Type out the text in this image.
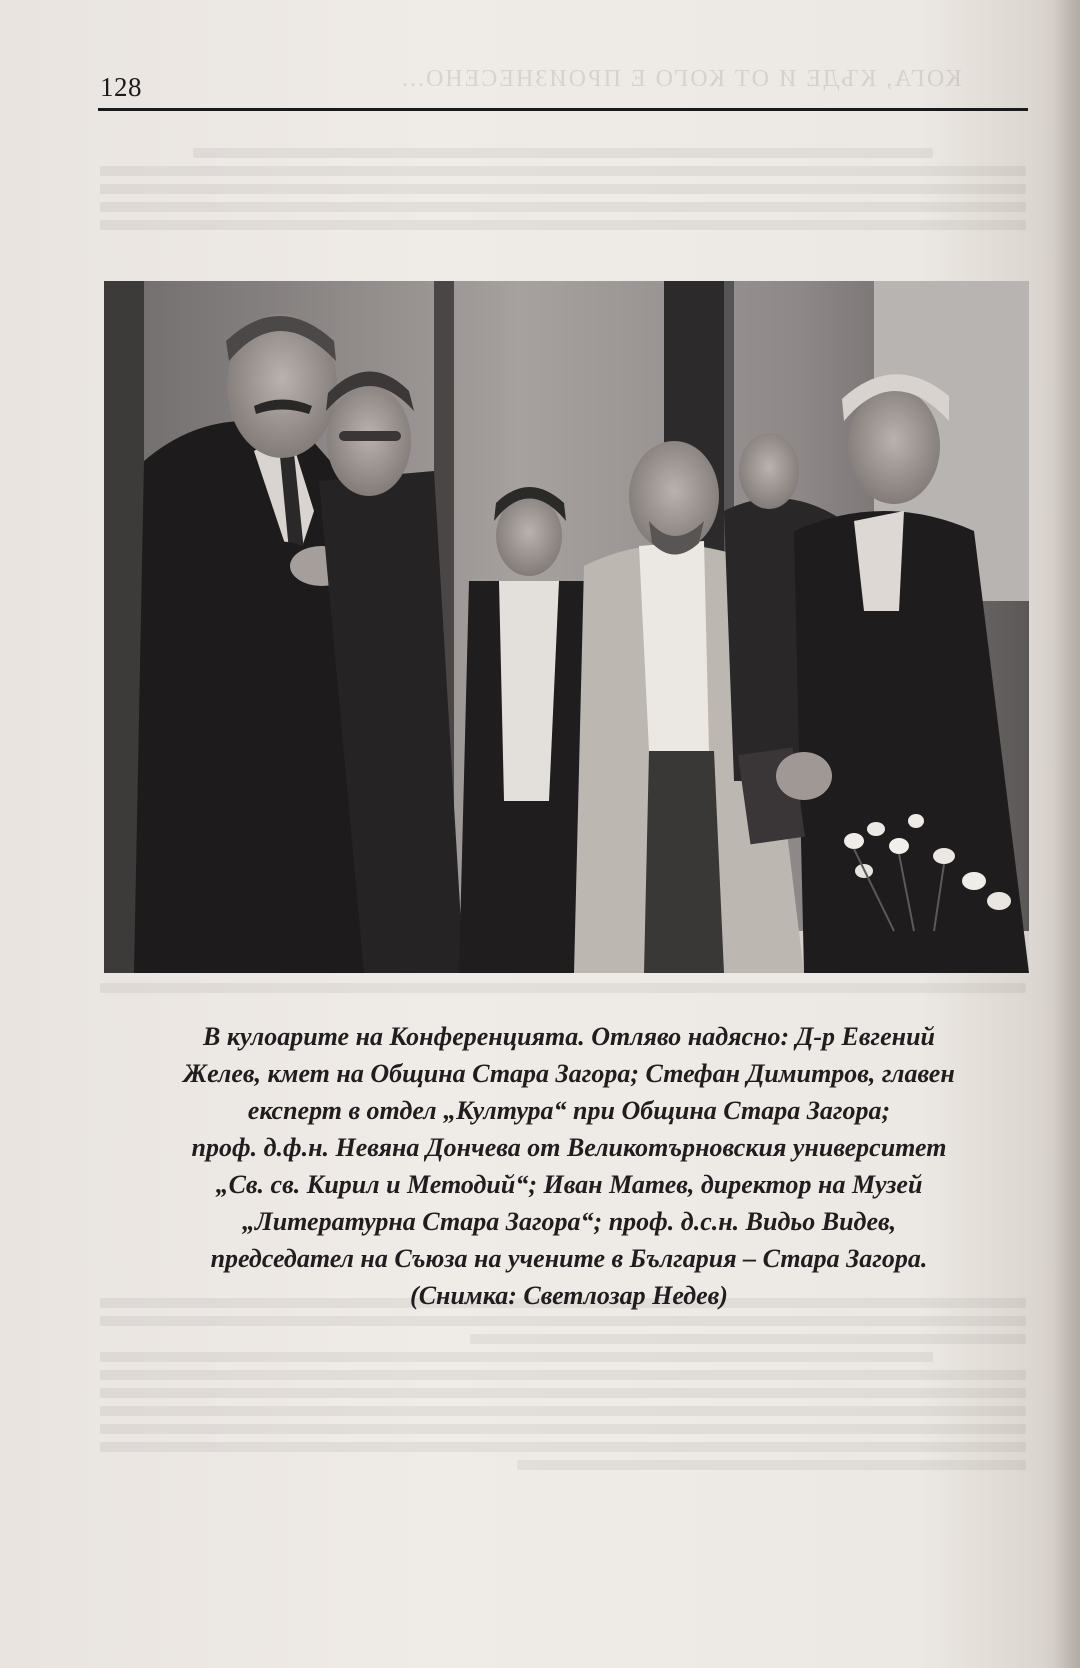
128	КОГА, КЪДЕ И ОТ КОГО Е ПРОИЗНЕСЕНО...
В кулоарите на Конференцията. Отляво надясно: Д-р Евгений
Желев, кмет на Община Стара Загора; Стефан Димитров, главен
експерт в отдел „Култура“ при Община Стара Загора;
проф. д.ф.н. Невяна Дончева от Великотърновския университет
„Св. св. Кирил и Методий“; Иван Матев, директор на Музей
„Литературна Стара Загора“; проф. д.с.н. Видьо Видев,
председател на Съюза на учените в България – Стара Загора.
(Снимка: Светлозар Недев)
